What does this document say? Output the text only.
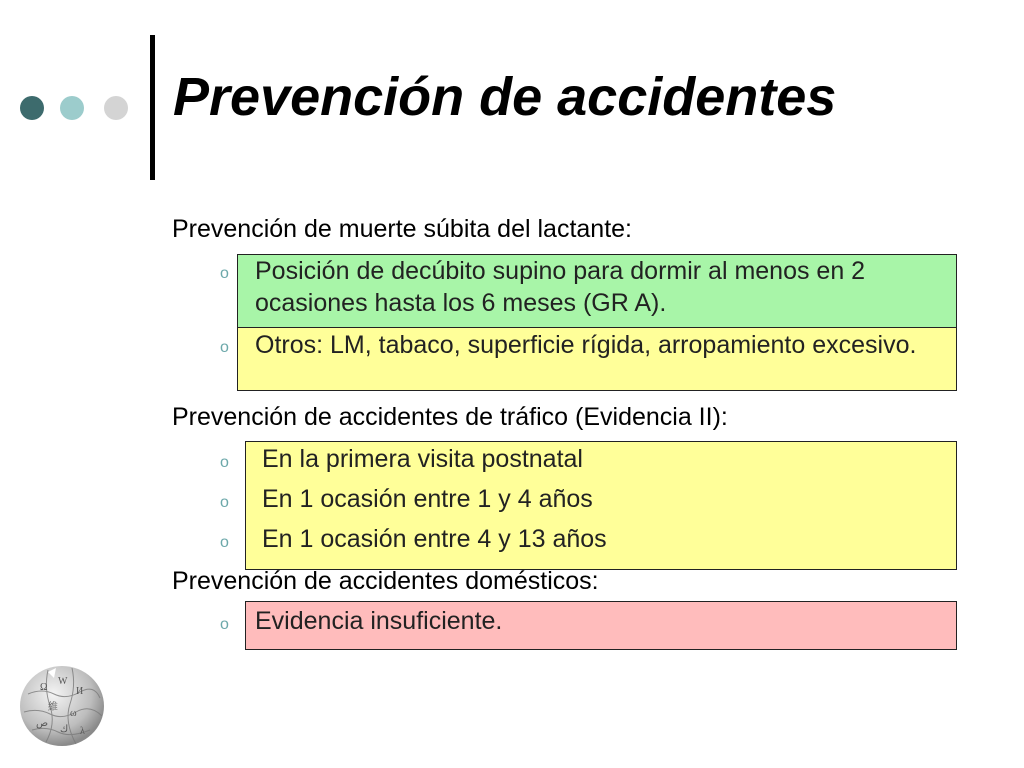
Prevención de accidentes
Prevención de muerte súbita del lactante:
o Posición de decúbito supino para dormir al menos en 2 ocasiones hasta los 6 meses (GR A).
o Otros: LM, tabaco, superficie rígida, arropamiento excesivo.
Prevención de accidentes de tráfico (Evidencia II):
o En la primera visita postnatal
o En 1 ocasión entre 1 y 4 años
o En 1 ocasión entre 4 y 13 años
Prevención de accidentes domésticos:
o Evidencia insuficiente.
Ω
W
И
維
ω
ص
ك λ
